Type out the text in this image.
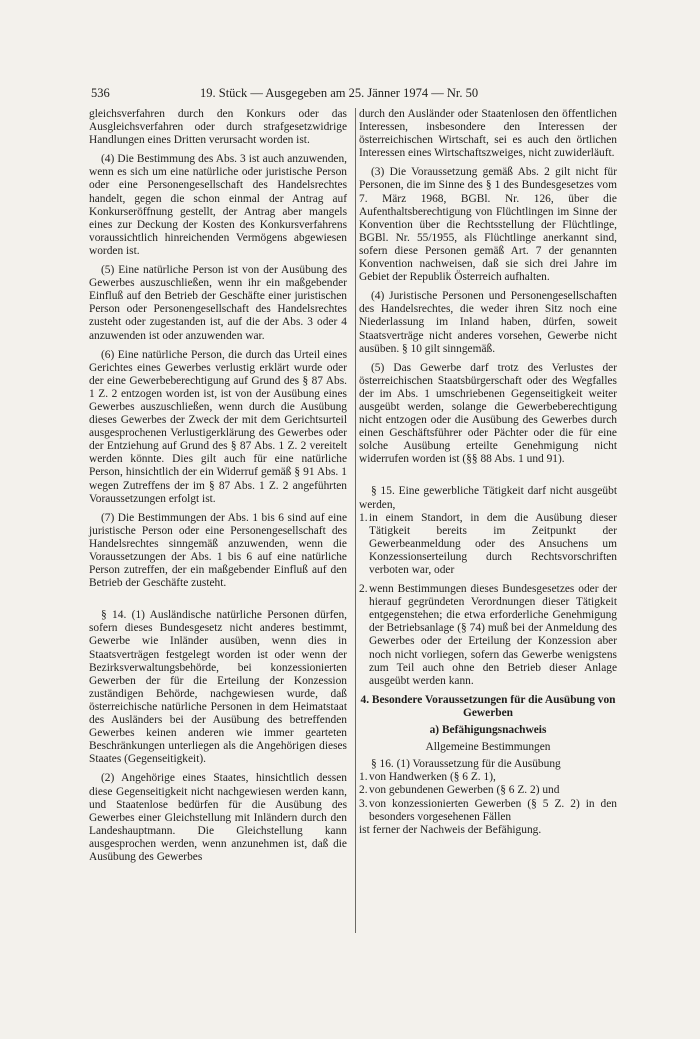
536	19. Stück — Ausgegeben am 25. Jänner 1974 — Nr. 50

gleichsverfahren durch den Konkurs oder das Ausgleichsverfahren oder durch strafgesetzwidrige Handlungen eines Dritten verursacht worden ist.

(4) Die Bestimmung des Abs. 3 ist auch anzuwenden, wenn es sich um eine natürliche oder juristische Person oder eine Personengesellschaft des Handelsrechtes handelt, gegen die schon einmal der Antrag auf Konkurseröffnung gestellt, der Antrag aber mangels eines zur Deckung der Kosten des Konkursverfahrens voraussichtlich hinreichenden Vermögens abgewiesen worden ist.

(5) Eine natürliche Person ist von der Ausübung des Gewerbes auszuschließen, wenn ihr ein maßgebender Einfluß auf den Betrieb der Geschäfte einer juristischen Person oder Personengesellschaft des Handelsrechtes zusteht oder zugestanden ist, auf die der Abs. 3 oder 4 anzuwenden ist oder anzuwenden war.

(6) Eine natürliche Person, die durch das Urteil eines Gerichtes eines Gewerbes verlustig erklärt wurde oder der eine Gewerbeberechtigung auf Grund des § 87 Abs. 1 Z. 2 entzogen worden ist, ist von der Ausübung eines Gewerbes auszuschließen, wenn durch die Ausübung dieses Gewerbes der Zweck der mit dem Gerichtsurteil ausgesprochenen Verlustigerklärung des Gewerbes oder der Entziehung auf Grund des § 87 Abs. 1 Z. 2 vereitelt werden könnte. Dies gilt auch für eine natürliche Person, hinsichtlich der ein Widerruf gemäß § 91 Abs. 1 wegen Zutreffens der im § 87 Abs. 1 Z. 2 angeführten Voraussetzungen erfolgt ist.

(7) Die Bestimmungen der Abs. 1 bis 6 sind auf eine juristische Person oder eine Personengesellschaft des Handelsrechtes sinngemäß anzuwenden, wenn die Voraussetzungen der Abs. 1 bis 6 auf eine natürliche Person zutreffen, der ein maßgebender Einfluß auf den Betrieb der Geschäfte zusteht.

§ 14. (1) Ausländische natürliche Personen dürfen, sofern dieses Bundesgesetz nicht anderes bestimmt, Gewerbe wie Inländer ausüben, wenn dies in Staatsverträgen festgelegt worden ist oder wenn der Bezirksverwaltungsbehörde, bei konzessionierten Gewerben der für die Erteilung der Konzession zuständigen Behörde, nachgewiesen wurde, daß österreichische natürliche Personen in dem Heimatstaat des Ausländers bei der Ausübung des betreffenden Gewerbes keinen anderen wie immer gearteten Beschränkungen unterliegen als die Angehörigen dieses Staates (Gegenseitigkeit).

(2) Angehörige eines Staates, hinsichtlich dessen diese Gegenseitigkeit nicht nachgewiesen werden kann, und Staatenlose bedürfen für die Ausübung des Gewerbes einer Gleichstellung mit Inländern durch den Landeshauptmann. Die Gleichstellung kann ausgesprochen werden, wenn anzunehmen ist, daß die Ausübung des Gewerbes

durch den Ausländer oder Staatenlosen den öffentlichen Interessen, insbesondere den Interessen der österreichischen Wirtschaft, sei es auch den örtlichen Interessen eines Wirtschaftszweiges, nicht zuwiderläuft.

(3) Die Voraussetzung gemäß Abs. 2 gilt nicht für Personen, die im Sinne des § 1 des Bundesgesetzes vom 7. März 1968, BGBl. Nr. 126, über die Aufenthaltsberechtigung von Flüchtlingen im Sinne der Konvention über die Rechtsstellung der Flüchtlinge, BGBl. Nr. 55/1955, als Flüchtlinge anerkannt sind, sofern diese Personen gemäß Art. 7 der genannten Konvention nachweisen, daß sie sich drei Jahre im Gebiet der Republik Österreich aufhalten.

(4) Juristische Personen und Personengesellschaften des Handelsrechtes, die weder ihren Sitz noch eine Niederlassung im Inland haben, dürfen, soweit Staatsverträge nicht anderes vorsehen, Gewerbe nicht ausüben. § 10 gilt sinngemäß.

(5) Das Gewerbe darf trotz des Verlustes der österreichischen Staatsbürgerschaft oder des Wegfalles der im Abs. 1 umschriebenen Gegenseitigkeit weiter ausgeübt werden, solange die Gewerbeberechtigung nicht entzogen oder die Ausübung des Gewerbes durch einen Geschäftsführer oder Pächter oder die für eine solche Ausübung erteilte Genehmigung nicht widerrufen worden ist (§§ 88 Abs. 1 und 91).

§ 15. Eine gewerbliche Tätigkeit darf nicht ausgeübt werden,

1. in einem Standort, in dem die Ausübung dieser Tätigkeit bereits im Zeitpunkt der Gewerbeanmeldung oder des Ansuchens um Konzessionserteilung durch Rechtsvorschriften verboten war, oder
2. wenn Bestimmungen dieses Bundesgesetzes oder der hierauf gegründeten Verordnungen dieser Tätigkeit entgegenstehen; die etwa erforderliche Genehmigung der Betriebsanlage (§ 74) muß bei der Anmeldung des Gewerbes oder der Erteilung der Konzession aber noch nicht vorliegen, sofern das Gewerbe wenigstens zum Teil auch ohne den Betrieb dieser Anlage ausgeübt werden kann.

4. Besondere Voraussetzungen für die Ausübung von Gewerben

a) Befähigungsnachweis

Allgemeine Bestimmungen

§ 16. (1) Voraussetzung für die Ausübung

1. von Handwerken (§ 6 Z. 1),
2. von gebundenen Gewerben (§ 6 Z. 2) und
3. von konzessionierten Gewerben (§ 5 Z. 2) in den besonders vorgesehenen Fällen

ist ferner der Nachweis der Befähigung.
